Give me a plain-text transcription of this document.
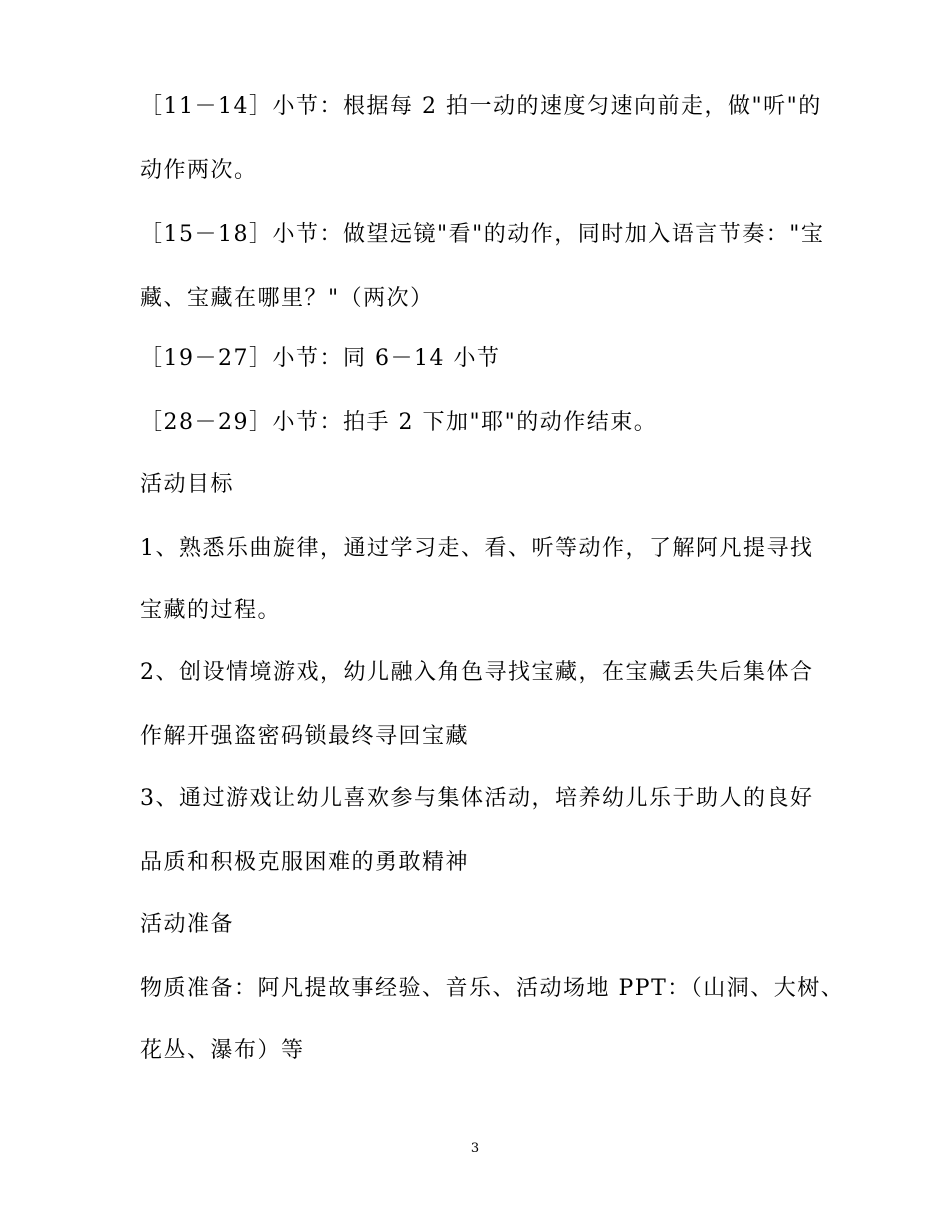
［11－14］小节：根据每 2 拍一动的速度匀速向前走，做"听"的
动作两次。
［15－18］小节：做望远镜"看"的动作，同时加入语言节奏："宝
藏、宝藏在哪里？"（两次）
［19－27］小节：同 6－14 小节
［28－29］小节：拍手 2 下加"耶"的动作结束。
活动目标
1、熟悉乐曲旋律，通过学习走、看、听等动作，了解阿凡提寻找
宝藏的过程。
2、创设情境游戏，幼儿融入角色寻找宝藏，在宝藏丢失后集体合
作解开强盗密码锁最终寻回宝藏
3、通过游戏让幼儿喜欢参与集体活动，培养幼儿乐于助人的良好
品质和积极克服困难的勇敢精神
活动准备
物质准备：阿凡提故事经验、音乐、活动场地 PPT：（山洞、大树、
花丛、瀑布）等
3
